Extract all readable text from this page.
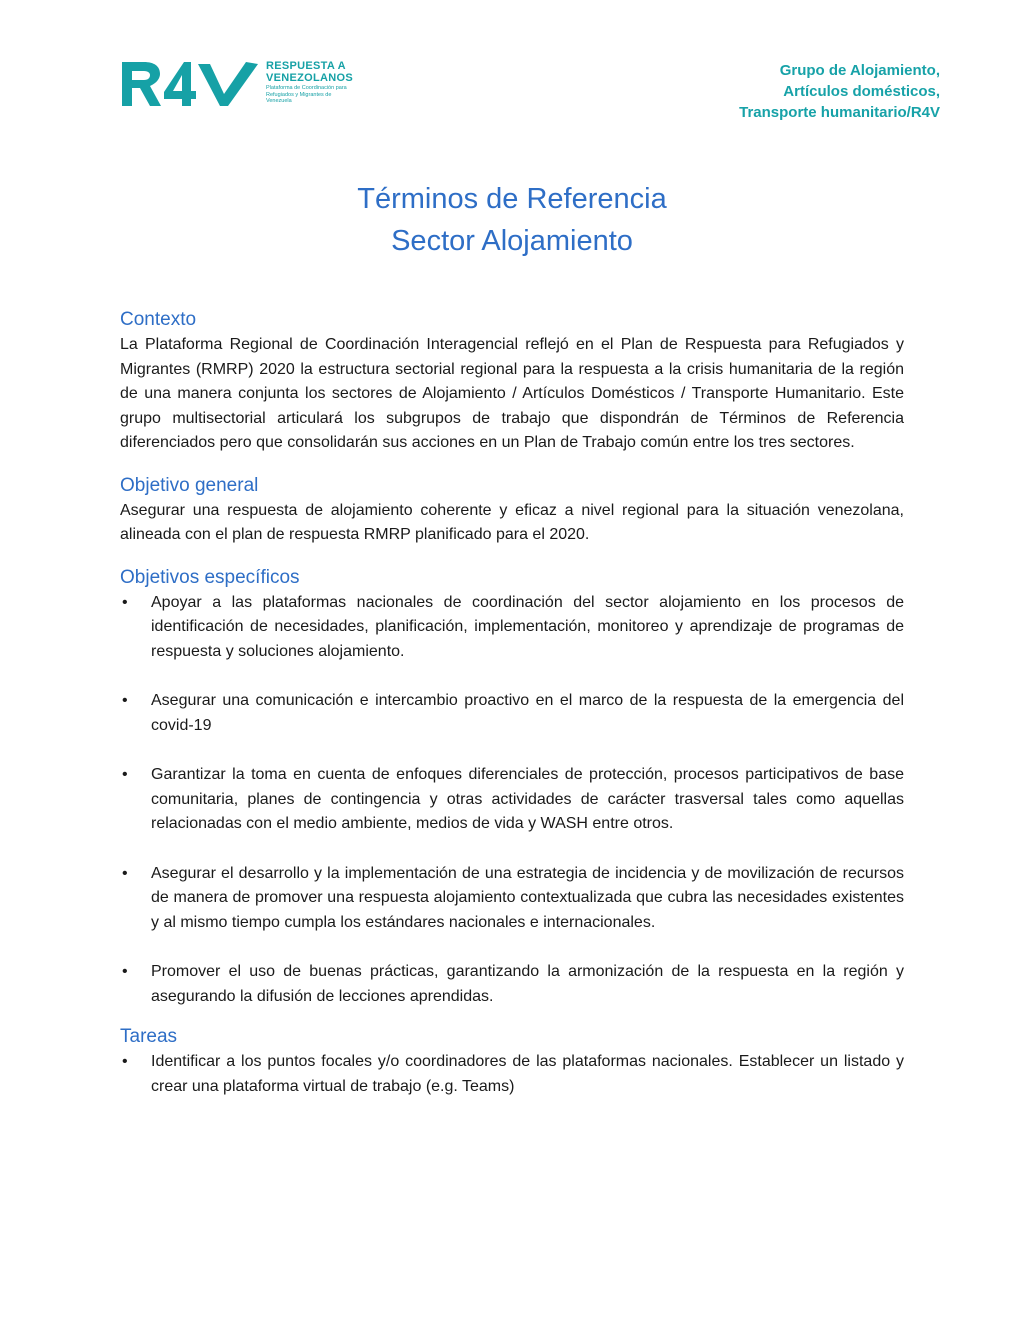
RESPUESTA A
VENEZOLANOS
Plataforma de Coordinación para Refugiados y Migrantes de Venezuela
Grupo de Alojamiento,
Artículos domésticos,
Transporte humanitario/R4V
Términos de Referencia
Sector Alojamiento
Contexto

La Plataforma Regional de Coordinación Interagencial reflejó en el Plan de Respuesta para Refugiados y Migrantes (RMRP) 2020 la estructura sectorial regional para la respuesta a la crisis humanitaria de la región de una manera conjunta los sectores de Alojamiento / Artículos Domésticos / Transporte Humanitario. Este grupo multisectorial articulará los subgrupos de trabajo que dispondrán de Términos de Referencia diferenciados pero que consolidarán sus acciones en un Plan de Trabajo común entre los tres sectores.

Objetivo general

Asegurar una respuesta de alojamiento coherente y eficaz a nivel regional para la situación venezolana, alineada con el plan de respuesta RMRP planificado para el 2020.

Objetivos específicos
• Apoyar a las plataformas nacionales de coordinación del sector alojamiento en los procesos de identificación de necesidades, planificación, implementación, monitoreo y aprendizaje de programas de respuesta y soluciones alojamiento.
• Asegurar una comunicación e intercambio proactivo en el marco de la respuesta de la emergencia del covid-19
• Garantizar la toma en cuenta de enfoques diferenciales de protección, procesos participativos de base comunitaria, planes de contingencia y otras actividades de carácter trasversal tales como aquellas relacionadas con el medio ambiente, medios de vida y WASH entre otros.
• Asegurar el desarrollo y la implementación de una estrategia de incidencia y de movilización de recursos de manera de promover una respuesta alojamiento contextualizada que cubra las necesidades existentes y al mismo tiempo cumpla los estándares nacionales e internacionales.
• Promover el uso de buenas prácticas, garantizando la armonización de la respuesta en la región y asegurando la difusión de lecciones aprendidas.
Tareas
• Identificar a los puntos focales y/o coordinadores de las plataformas nacionales. Establecer un listado y crear una plataforma virtual de trabajo (e.g. Teams)
